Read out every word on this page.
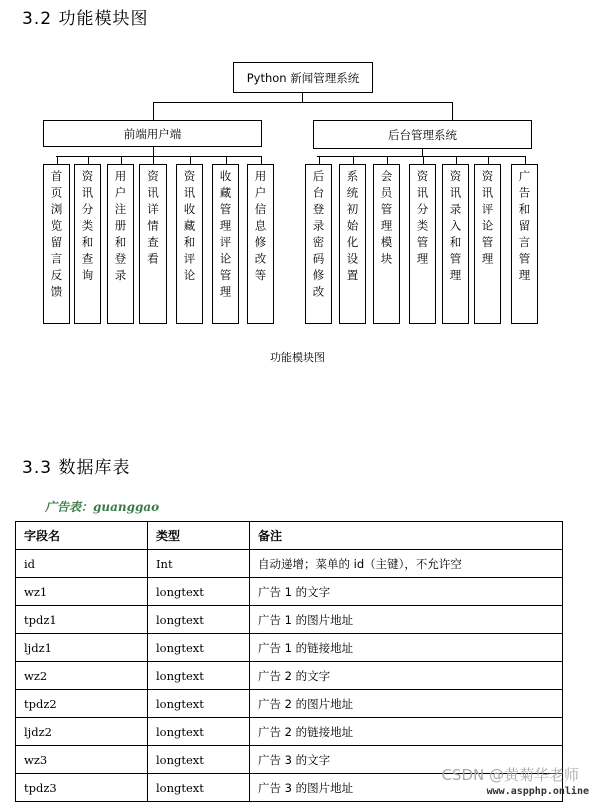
3.2 功能模块图
Python 新闻管理系统
前端用户端	后台管理系统
首页浏览留言反馈 资讯分类和查询 用户注册和登录 资讯详情查看 资讯收藏和评论 收藏管理评论管理 用户信息修改等	后台登录密码修改 系统初始化设置 会员管理模块 资讯分类管理 资讯录入和管理 资讯评论管理 广告和留言管理
功能模块图
3.3 数据库表
广告表：guanggao
字段名	类型	备注
id	Int	自动递增；菜单的 id（主键），不允许空
wz1	longtext	广告 1 的文字
tpdz1	longtext	广告 1 的图片地址
ljdz1	longtext	广告 1 的链接地址
wz2	longtext	广告 2 的文字
tpdz2	longtext	广告 2 的图片地址
ljdz2	longtext	广告 2 的链接地址
wz3	longtext	广告 3 的文字
tpdz3	longtext	广告 3 的图片地址
CSDN @黄菊华老师
www.aspphp.online
